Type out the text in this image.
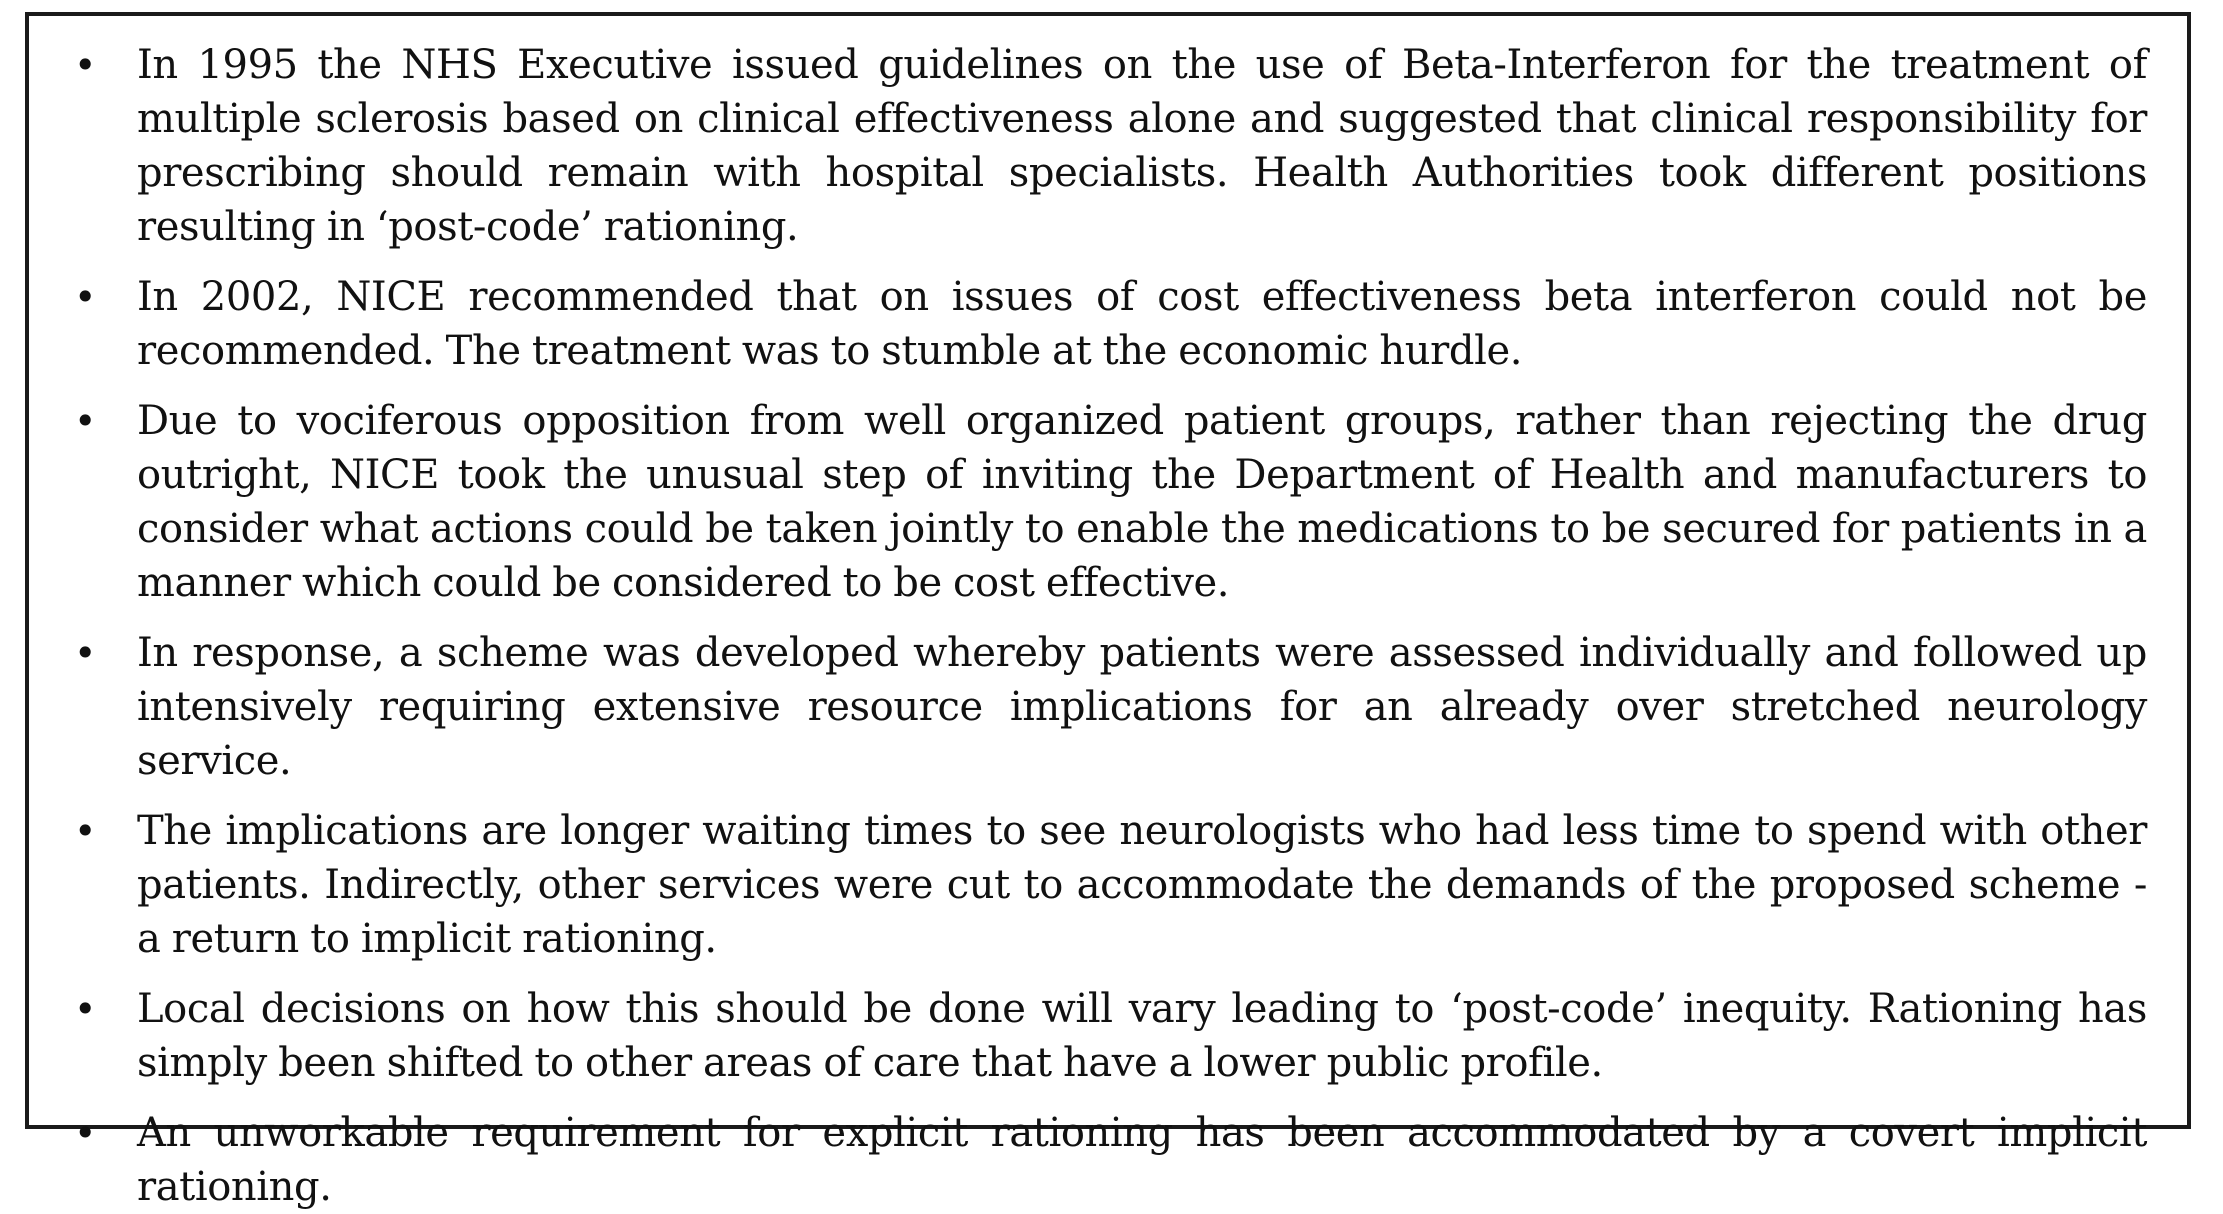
• In 1995 the NHS Executive issued guidelines on the use of Beta-Interferon for the treatment of multiple sclerosis based on clinical effectiveness alone and suggested that clinical responsibility for prescribing should remain with hospital specialists. Health Authorities took different positions resulting in ‘post-code’ rationing.
• In 2002, NICE recommended that on issues of cost effectiveness beta interferon could not be recommended. The treatment was to stumble at the economic hurdle.
• Due to vociferous opposition from well organized patient groups, rather than rejecting the drug outright, NICE took the unusual step of inviting the Department of Health and manufacturers to consider what actions could be taken jointly to enable the medications to be secured for patients in a manner which could be considered to be cost effective.
• In response, a scheme was developed whereby patients were assessed individually and followed up intensively requiring extensive resource implications for an already over stretched neurology service.
• The implications are longer waiting times to see neurologists who had less time to spend with other patients. Indirectly, other services were cut to accommodate the demands of the proposed scheme - a return to implicit rationing.
• Local decisions on how this should be done will vary leading to ‘post-code’ inequity. Rationing has simply been shifted to other areas of care that have a lower public profile.
• An unworkable requirement for explicit rationing has been accommodated by a covert implicit rationing.
